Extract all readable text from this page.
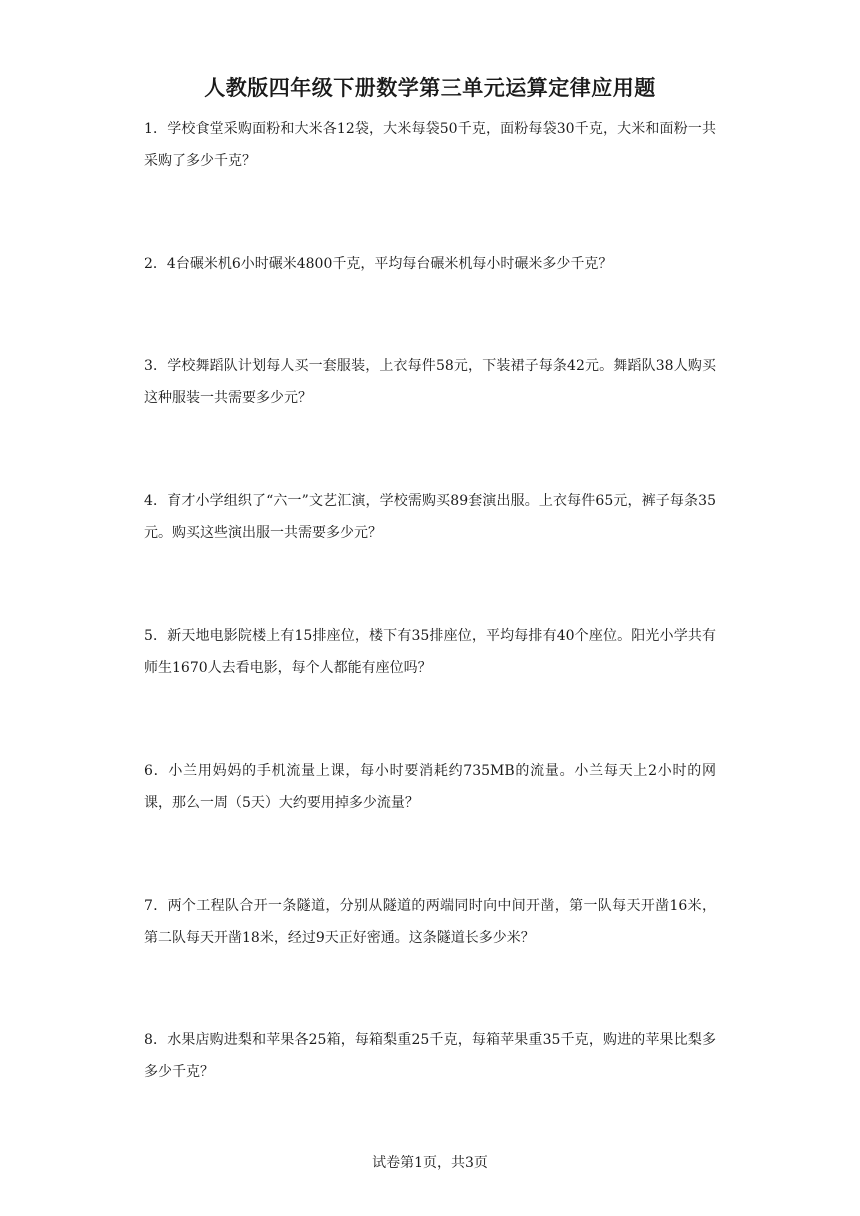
人教版四年级下册数学第三单元运算定律应用题

1．学校食堂采购面粉和大米各12袋，大米每袋50千克，面粉每袋30千克，大米和面粉一共采购了多少千克？

2．4台碾米机6小时碾米4800千克，平均每台碾米机每小时碾米多少千克？

3．学校舞蹈队计划每人买一套服装，上衣每件58元，下装裙子每条42元。舞蹈队38人购买这种服装一共需要多少元？

4．育才小学组织了“六一”文艺汇演，学校需购买89套演出服。上衣每件65元，裤子每条35元。购买这些演出服一共需要多少元？

5．新天地电影院楼上有15排座位，楼下有35排座位，平均每排有40个座位。阳光小学共有师生1670人去看电影，每个人都能有座位吗？

6．小兰用妈妈的手机流量上课，每小时要消耗约735MB的流量。小兰每天上2小时的网课，那么一周（5天）大约要用掉多少流量？

7．两个工程队合开一条隧道，分别从隧道的两端同时向中间开凿，第一队每天开凿16米，第二队每天开凿18米，经过9天正好密通。这条隧道长多少米？

8．水果店购进梨和苹果各25箱，每箱梨重25千克，每箱苹果重35千克，购进的苹果比梨多多少千克？

试卷第1页，共3页
